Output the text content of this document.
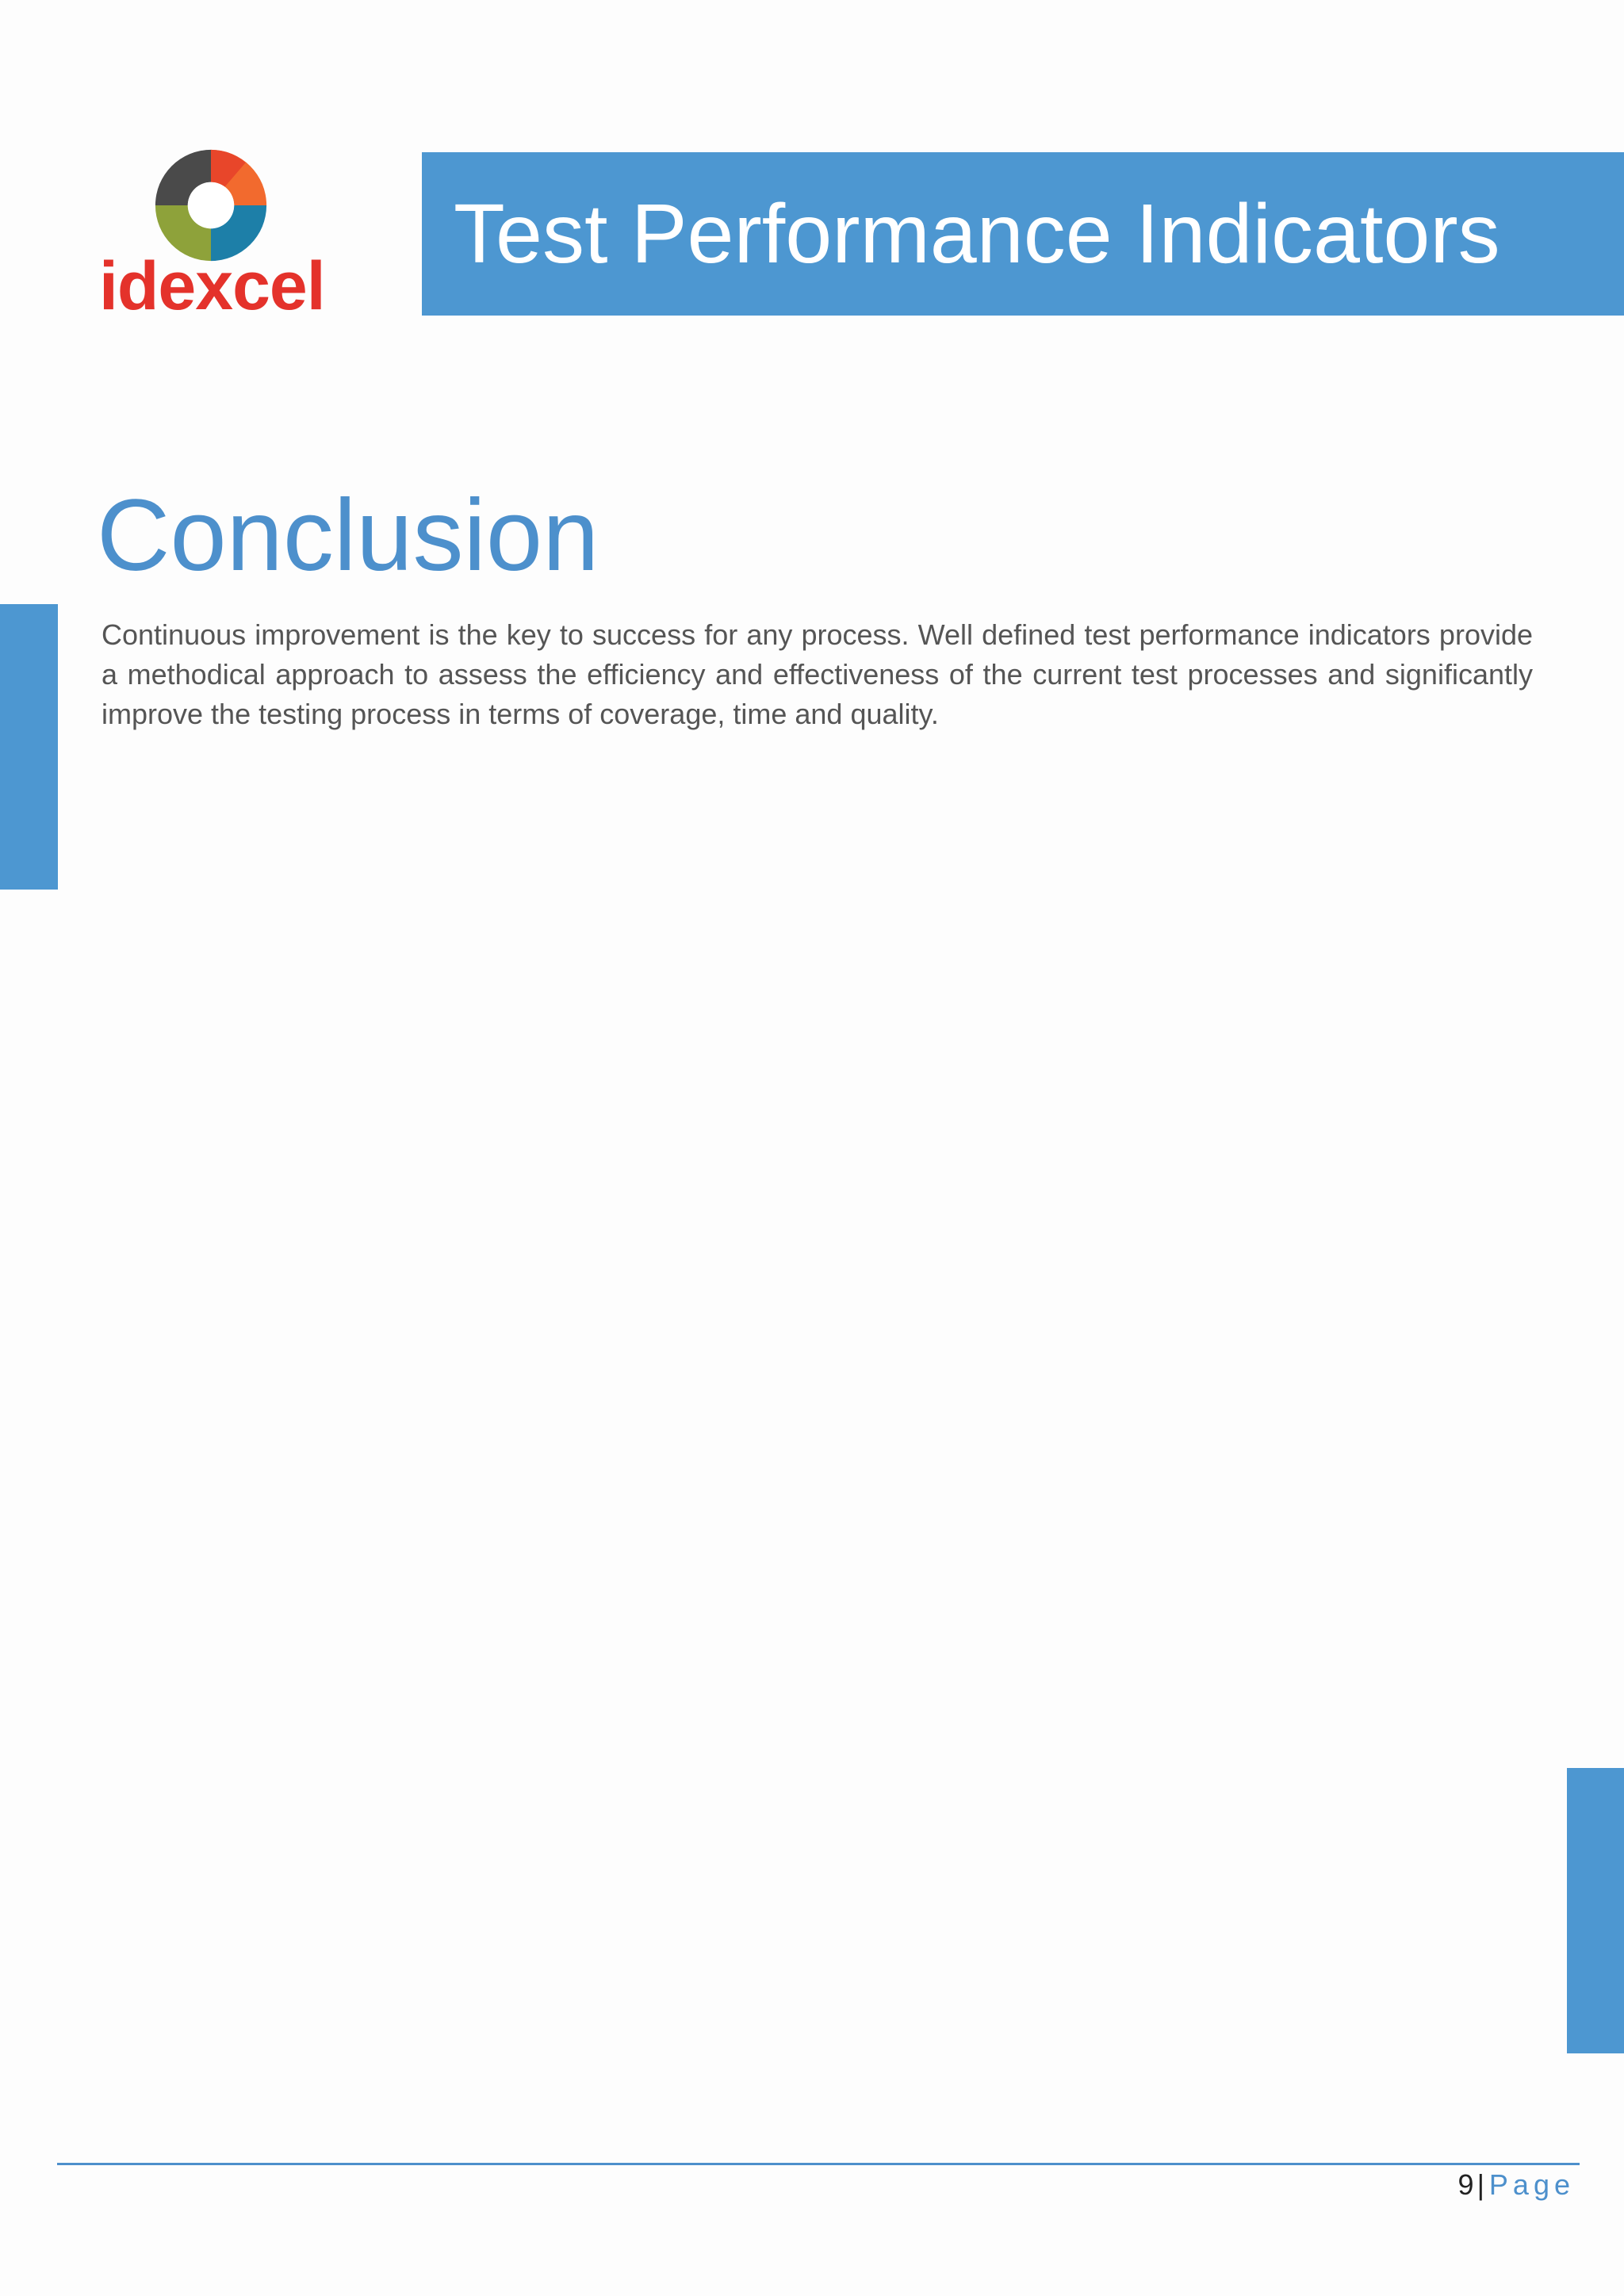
idexcel
Test Performance Indicators
Conclusion

Continuous improvement is the key to success for any process. Well defined test performance indicators provide a methodical approach to assess the efficiency and effectiveness of the current test processes and significantly improve the testing process in terms of coverage, time and quality.

9 | Page
